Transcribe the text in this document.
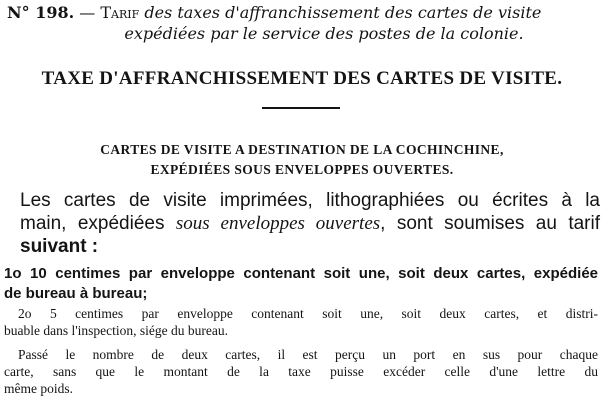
N° 198. — Tarif des taxes d'affranchissement des cartes de visite
expédiées par le service des postes de la colonie.
TAXE D'AFFRANCHISSEMENT DES CARTES DE VISITE.
CARTES DE VISITE A DESTINATION DE LA COCHINCHINE,
EXPÉDIÉES SOUS ENVELOPPES OUVERTES.
Les cartes de visite imprimées, lithographiées ou écrites à la
main, expédiées sous enveloppes ouvertes, sont soumises au tarif
suivant :
1o 10 centimes par enveloppe contenant soit une, soit deux cartes, expédiée
de bureau à bureau;
2o 5 centimes par enveloppe contenant soit une, soit deux cartes, et distri-
buable dans l'inspection, siége du bureau.
Passé le nombre de deux cartes, il est perçu un port en sus pour chaque
carte, sans que le montant de la taxe puisse excéder celle d'une lettre du
même poids.
